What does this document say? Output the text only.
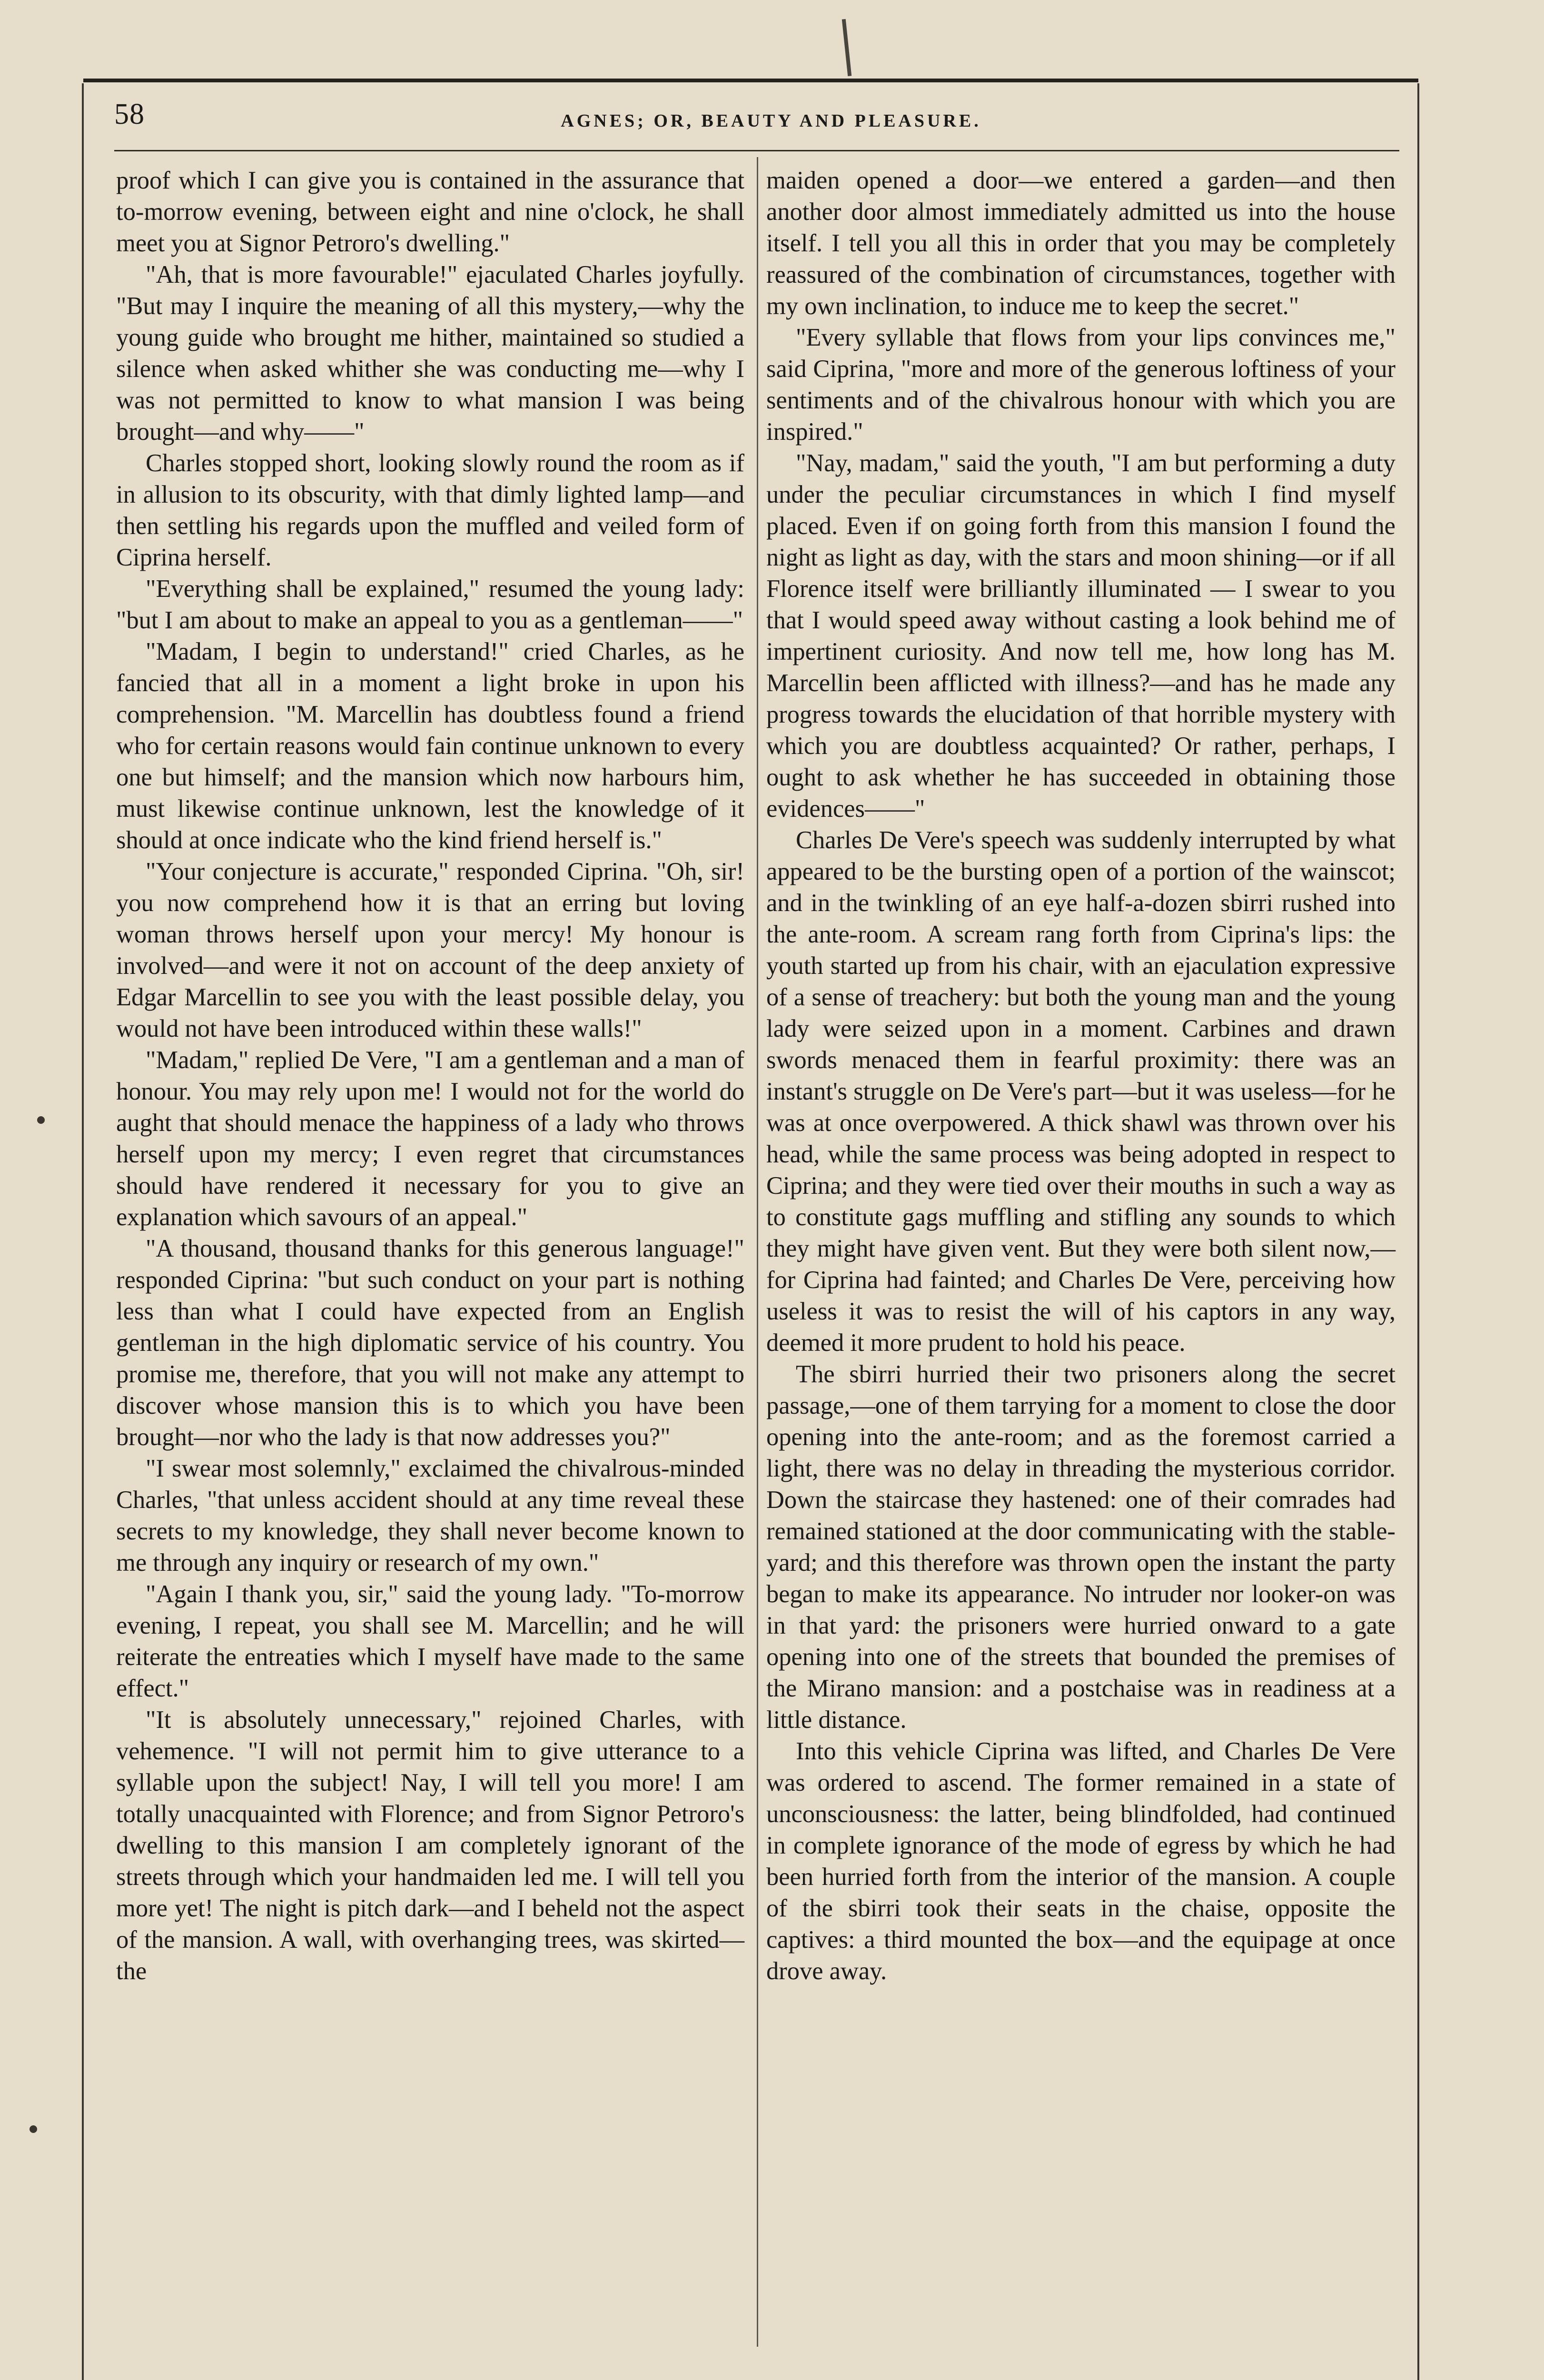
58	AGNES; OR, BEAUTY AND PLEASURE.

proof which I can give you is contained in the assurance that to-morrow evening, between eight and nine o'clock, he shall meet you at Signor Petroro's dwelling."

"Ah, that is more favourable!" ejaculated Charles joyfully. "But may I inquire the meaning of all this mystery,—why the young guide who brought me hither, maintained so studied a silence when asked whither she was conducting me—why I was not permitted to know to what mansion I was being brought—and why——"

Charles stopped short, looking slowly round the room as if in allusion to its obscurity, with that dimly lighted lamp—and then settling his regards upon the muffled and veiled form of Ciprina herself.

"Everything shall be explained," resumed the young lady: "but I am about to make an appeal to you as a gentleman——"

"Madam, I begin to understand!" cried Charles, as he fancied that all in a moment a light broke in upon his comprehension. "M. Marcellin has doubtless found a friend who for certain reasons would fain continue unknown to every one but himself; and the mansion which now harbours him, must likewise continue unknown, lest the knowledge of it should at once indicate who the kind friend herself is."

"Your conjecture is accurate," responded Ciprina. "Oh, sir! you now comprehend how it is that an erring but loving woman throws herself upon your mercy! My honour is involved—and were it not on account of the deep anxiety of Edgar Marcellin to see you with the least possible delay, you would not have been introduced within these walls!"

"Madam," replied De Vere, "I am a gentleman and a man of honour. You may rely upon me! I would not for the world do aught that should menace the happiness of a lady who throws herself upon my mercy; I even regret that circumstances should have rendered it necessary for you to give an explanation which savours of an appeal."

"A thousand, thousand thanks for this generous language!" responded Ciprina: "but such conduct on your part is nothing less than what I could have expected from an English gentleman in the high diplomatic service of his country. You promise me, therefore, that you will not make any attempt to discover whose mansion this is to which you have been brought—nor who the lady is that now addresses you?"

"I swear most solemnly," exclaimed the chivalrous-minded Charles, "that unless accident should at any time reveal these secrets to my knowledge, they shall never become known to me through any inquiry or research of my own."

"Again I thank you, sir," said the young lady. "To-morrow evening, I repeat, you shall see M. Marcellin; and he will reiterate the entreaties which I myself have made to the same effect."

"It is absolutely unnecessary," rejoined Charles, with vehemence. "I will not permit him to give utterance to a syllable upon the subject! Nay, I will tell you more! I am totally unacquainted with Florence; and from Signor Petroro's dwelling to this mansion I am completely ignorant of the streets through which your handmaiden led me. I will tell you more yet! The night is pitch dark—and I beheld not the aspect of the mansion. A wall, with overhanging trees, was skirted—the

maiden opened a door—we entered a garden—and then another door almost immediately admitted us into the house itself. I tell you all this in order that you may be completely reassured of the combination of circumstances, together with my own inclination, to induce me to keep the secret."

"Every syllable that flows from your lips convinces me," said Ciprina, "more and more of the generous loftiness of your sentiments and of the chivalrous honour with which you are inspired."

"Nay, madam," said the youth, "I am but performing a duty under the peculiar circumstances in which I find myself placed. Even if on going forth from this mansion I found the night as light as day, with the stars and moon shining—or if all Florence itself were brilliantly illuminated — I swear to you that I would speed away without casting a look behind me of impertinent curiosity. And now tell me, how long has M. Marcellin been afflicted with illness?—and has he made any progress towards the elucidation of that horrible mystery with which you are doubtless acquainted? Or rather, perhaps, I ought to ask whether he has succeeded in obtaining those evidences——"

Charles De Vere's speech was suddenly interrupted by what appeared to be the bursting open of a portion of the wainscot; and in the twinkling of an eye half-a-dozen sbirri rushed into the ante-room. A scream rang forth from Ciprina's lips: the youth started up from his chair, with an ejaculation expressive of a sense of treachery: but both the young man and the young lady were seized upon in a moment. Carbines and drawn swords menaced them in fearful proximity: there was an instant's struggle on De Vere's part—but it was useless—for he was at once overpowered. A thick shawl was thrown over his head, while the same process was being adopted in respect to Ciprina; and they were tied over their mouths in such a way as to constitute gags muffling and stifling any sounds to which they might have given vent. But they were both silent now,—for Ciprina had fainted; and Charles De Vere, perceiving how useless it was to resist the will of his captors in any way, deemed it more prudent to hold his peace.

The sbirri hurried their two prisoners along the secret passage,—one of them tarrying for a moment to close the door opening into the ante-room; and as the foremost carried a light, there was no delay in threading the mysterious corridor. Down the staircase they hastened: one of their comrades had remained stationed at the door communicating with the stable-yard; and this therefore was thrown open the instant the party began to make its appearance. No intruder nor looker-on was in that yard: the prisoners were hurried onward to a gate opening into one of the streets that bounded the premises of the Mirano mansion: and a postchaise was in readiness at a little distance.

Into this vehicle Ciprina was lifted, and Charles De Vere was ordered to ascend. The former remained in a state of unconsciousness: the latter, being blindfolded, had continued in complete ignorance of the mode of egress by which he had been hurried forth from the interior of the mansion. A couple of the sbirri took their seats in the chaise, opposite the captives: a third mounted the box—and the equipage at once drove away.
